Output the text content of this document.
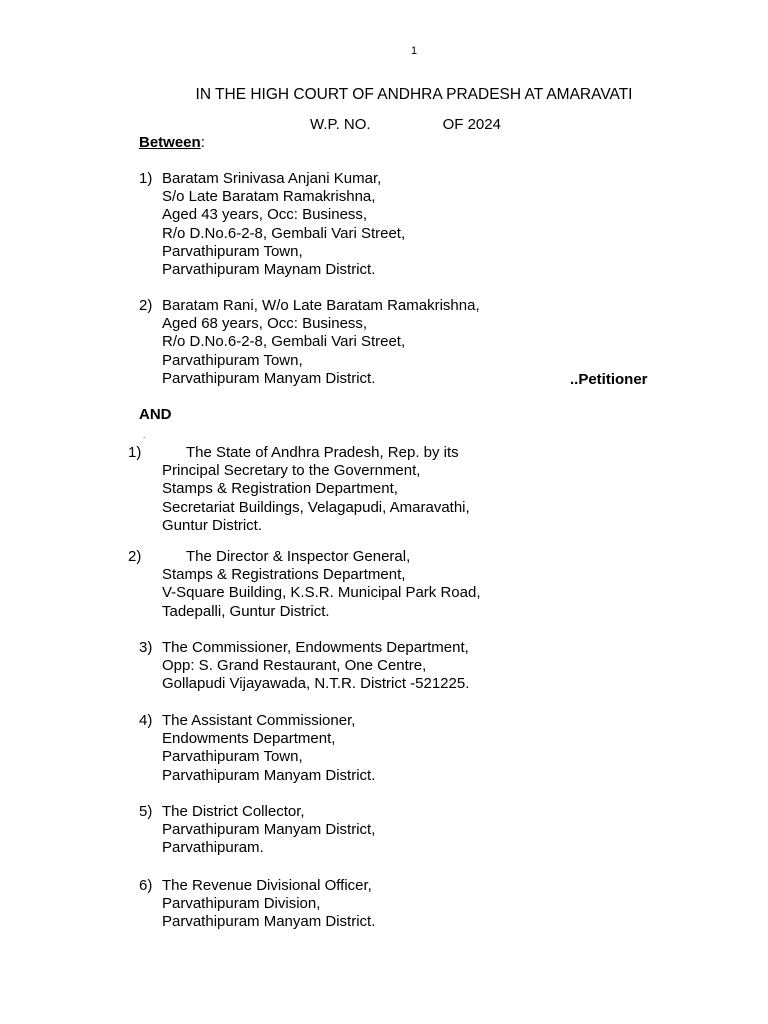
1
IN THE HIGH COURT OF ANDHRA PRADESH AT AMARAVATI
W.P. NO.	OF 2024
Between:
1) Baratam Srinivasa Anjani Kumar,
S/o Late Baratam Ramakrishna,
Aged 43 years, Occ: Business,
R/o D.No.6-2-8, Gembali Vari Street,
Parvathipuram Town,
Parvathipuram Maynam District.
2) Baratam Rani, W/o Late Baratam Ramakrishna,
Aged 68 years, Occ: Business,
R/o D.No.6-2-8, Gembali Vari Street,
Parvathipuram Town,
Parvathipuram Manyam District.	..Petitioner
AND
.
1)	The State of Andhra Pradesh, Rep. by its
Principal Secretary to the Government,
Stamps & Registration Department,
Secretariat Buildings, Velagapudi, Amaravathi,
Guntur District.
2)	The Director & Inspector General,
Stamps & Registrations Department,
V-Square Building, K.S.R. Municipal Park Road,
Tadepalli, Guntur District.
3) The Commissioner, Endowments Department,
Opp: S. Grand Restaurant, One Centre,
Gollapudi Vijayawada, N.T.R. District -521225.
4) The Assistant Commissioner,
Endowments Department,
Parvathipuram Town,
Parvathipuram Manyam District.
5) The District Collector,
Parvathipuram Manyam District,
Parvathipuram.
6) The Revenue Divisional Officer,
Parvathipuram Division,
Parvathipuram Manyam District.
